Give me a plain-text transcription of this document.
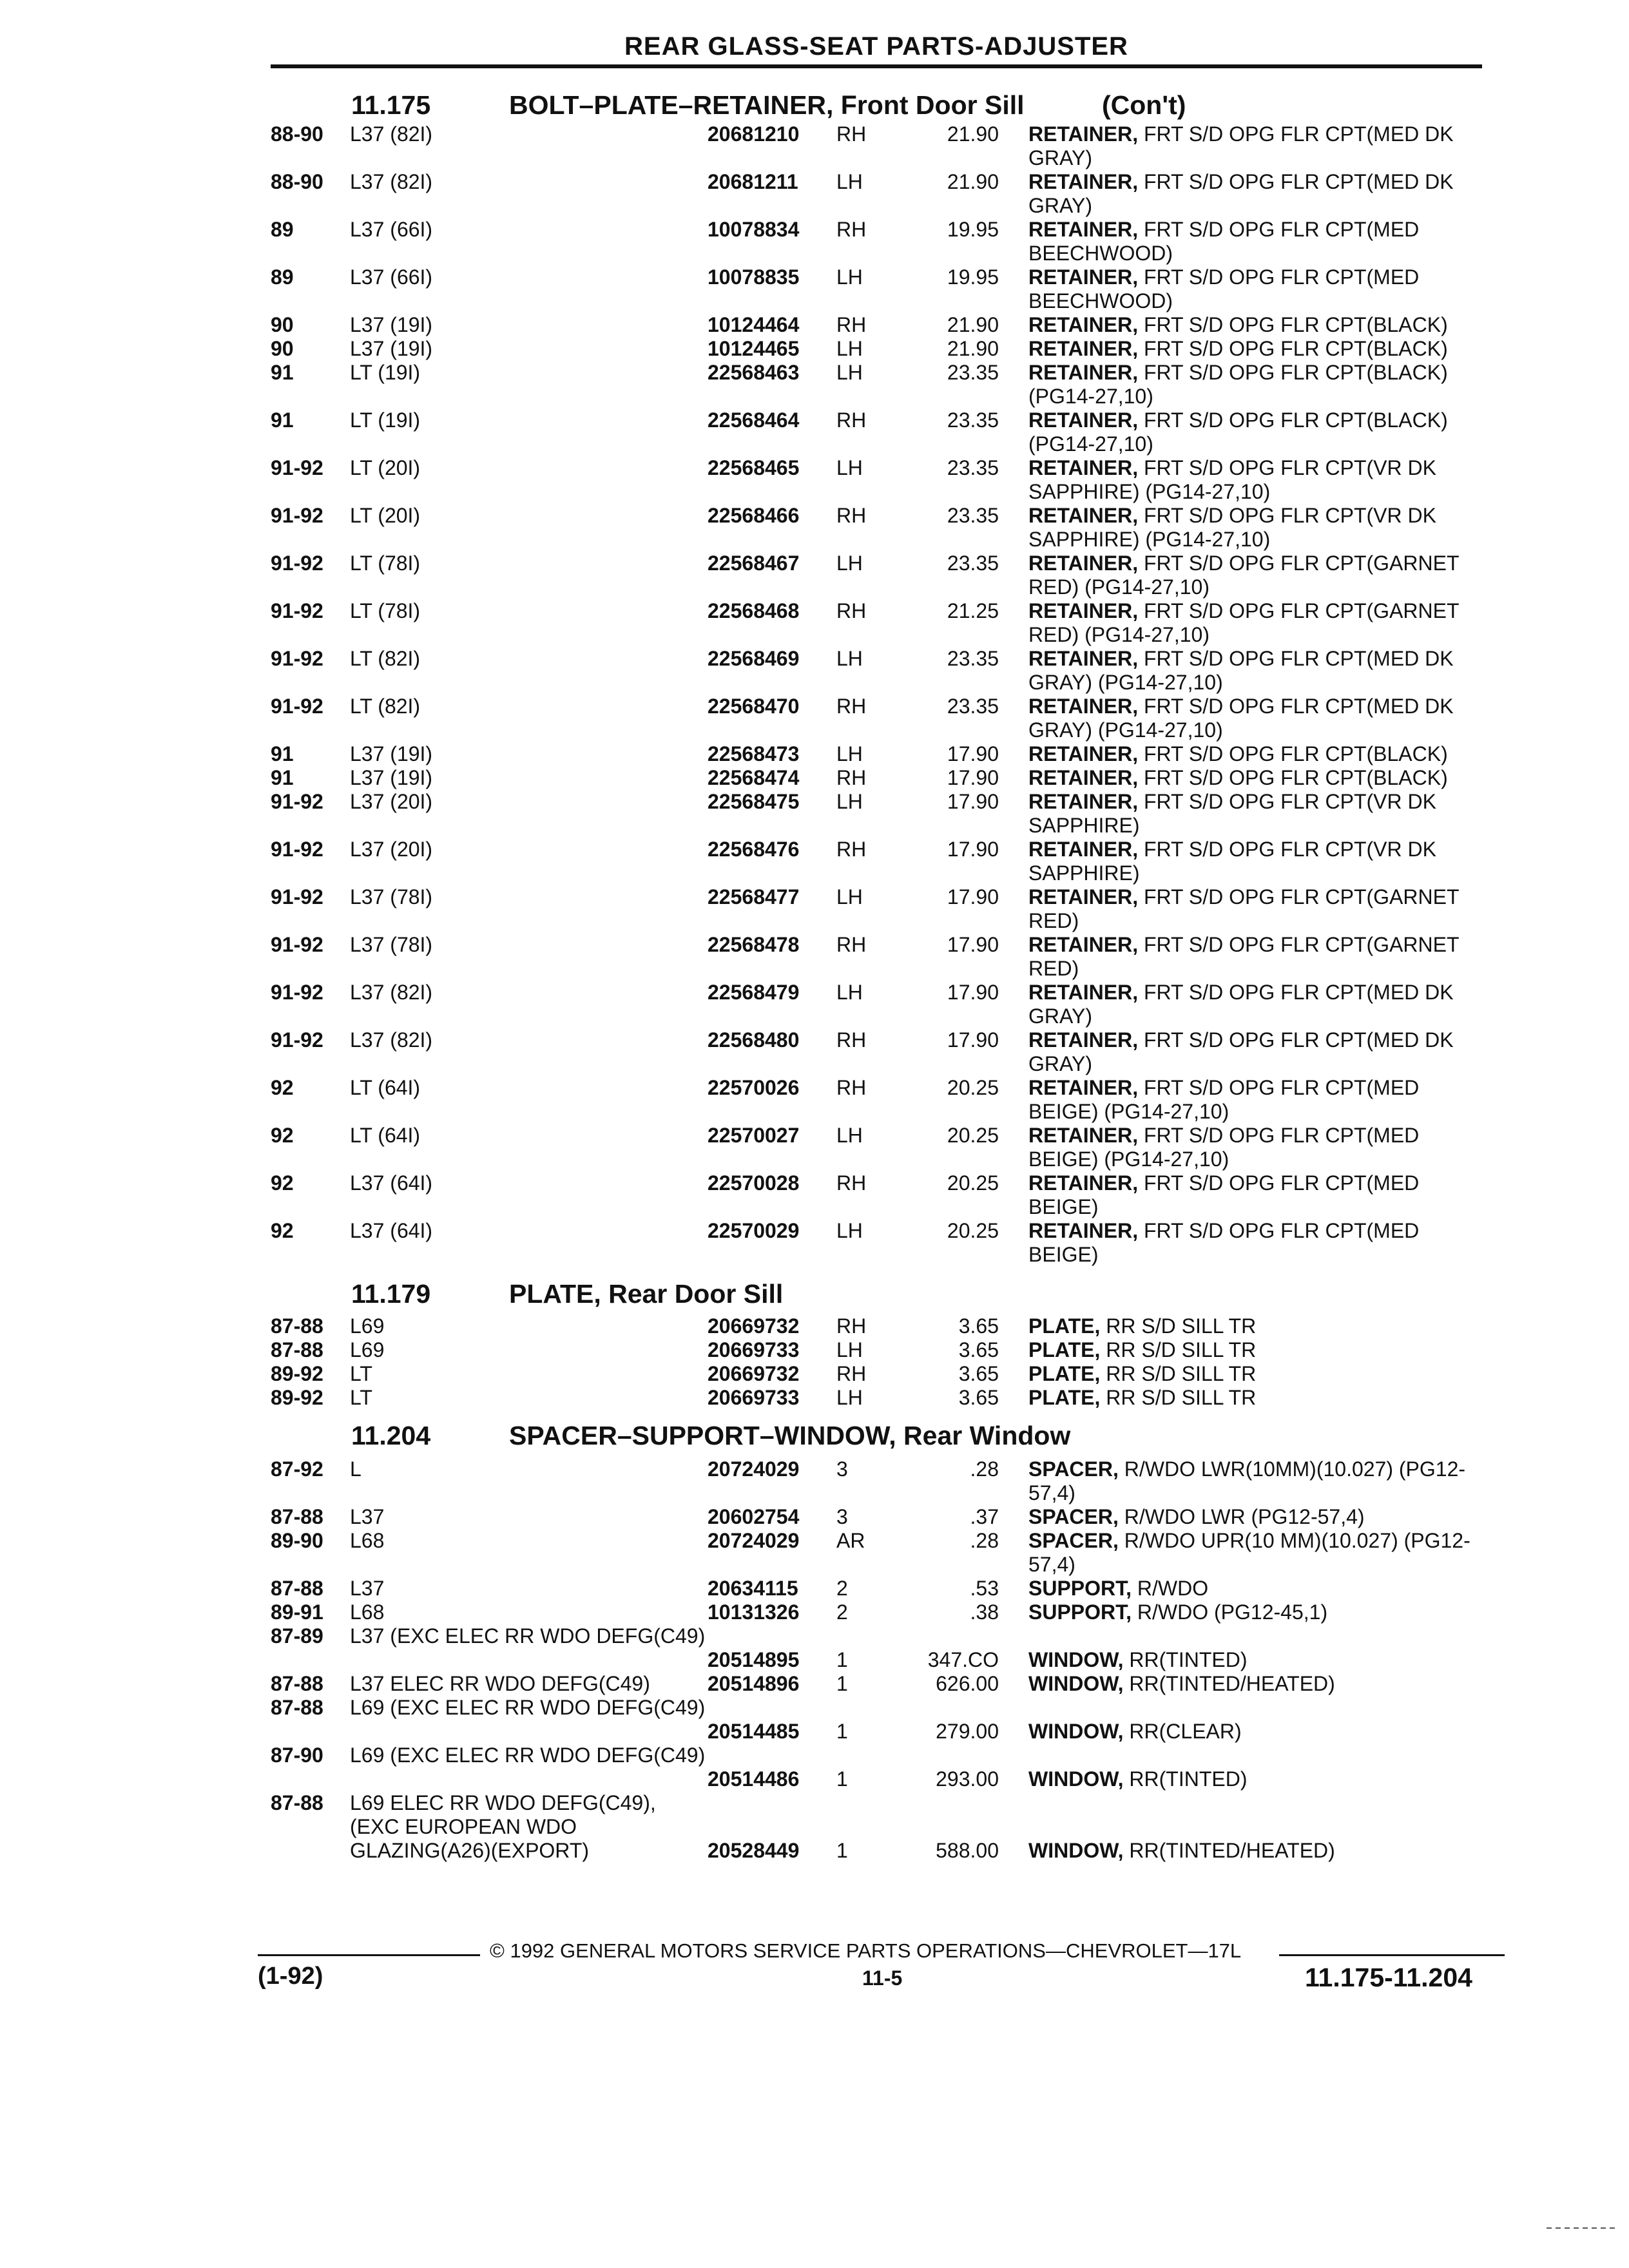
REAR GLASS-SEAT PARTS-ADJUSTER
11.175	BOLT–PLATE–RETAINER, Front Door Sill	(Con't)
88-90 L37 (82I)	20681210 RH	21.90 RETAINER, FRT S/D OPG FLR CPT(MED DK GRAY)
88-90 L37 (82I)	20681211 LH	21.90 RETAINER, FRT S/D OPG FLR CPT(MED DK GRAY)
89	L37 (66I)	10078834 RH	19.95 RETAINER, FRT S/D OPG FLR CPT(MED BEECHWOOD)
89	L37 (66I)	10078835 LH	19.95 RETAINER, FRT S/D OPG FLR CPT(MED BEECHWOOD)
90	L37 (19I)	10124464 RH	21.90 RETAINER, FRT S/D OPG FLR CPT(BLACK)
90	L37 (19I)	10124465 LH	21.90 RETAINER, FRT S/D OPG FLR CPT(BLACK)
91	LT (19I)	22568463 LH	23.35 RETAINER, FRT S/D OPG FLR CPT(BLACK) (PG14-27,10)
91	LT (19I)	22568464 RH	23.35 RETAINER, FRT S/D OPG FLR CPT(BLACK) (PG14-27,10)
91-92 LT (20I)	22568465 LH	23.35 RETAINER, FRT S/D OPG FLR CPT(VR DK SAPPHIRE) (PG14-27,10)
91-92 LT (20I)	22568466 RH	23.35 RETAINER, FRT S/D OPG FLR CPT(VR DK SAPPHIRE) (PG14-27,10)
91-92 LT (78I)	22568467 LH	23.35 RETAINER, FRT S/D OPG FLR CPT(GARNET RED) (PG14-27,10)
91-92 LT (78I)	22568468 RH	21.25 RETAINER, FRT S/D OPG FLR CPT(GARNET RED) (PG14-27,10)
91-92 LT (82I)	22568469 LH	23.35 RETAINER, FRT S/D OPG FLR CPT(MED DK GRAY) (PG14-27,10)
91-92 LT (82I)	22568470 RH	23.35 RETAINER, FRT S/D OPG FLR CPT(MED DK GRAY) (PG14-27,10)
91	L37 (19I)	22568473 LH	17.90 RETAINER, FRT S/D OPG FLR CPT(BLACK)
91	L37 (19I)	22568474 RH	17.90 RETAINER, FRT S/D OPG FLR CPT(BLACK)
91-92 L37 (20I)	22568475 LH	17.90 RETAINER, FRT S/D OPG FLR CPT(VR DK SAPPHIRE)
91-92 L37 (20I)	22568476 RH	17.90 RETAINER, FRT S/D OPG FLR CPT(VR DK SAPPHIRE)
91-92 L37 (78I)	22568477 LH	17.90 RETAINER, FRT S/D OPG FLR CPT(GARNET RED)
91-92 L37 (78I)	22568478 RH	17.90 RETAINER, FRT S/D OPG FLR CPT(GARNET RED)
91-92 L37 (82I)	22568479 LH	17.90 RETAINER, FRT S/D OPG FLR CPT(MED DK GRAY)
91-92 L37 (82I)	22568480 RH	17.90 RETAINER, FRT S/D OPG FLR CPT(MED DK GRAY)
92	LT (64I)	22570026 RH	20.25 RETAINER, FRT S/D OPG FLR CPT(MED BEIGE) (PG14-27,10)
92	LT (64I)	22570027 LH	20.25 RETAINER, FRT S/D OPG FLR CPT(MED BEIGE) (PG14-27,10)
92	L37 (64I)	22570028 RH	20.25 RETAINER, FRT S/D OPG FLR CPT(MED BEIGE)
92	L37 (64I)	22570029 LH	20.25 RETAINER, FRT S/D OPG FLR CPT(MED BEIGE)
11.179	PLATE, Rear Door Sill
87-88 L69	20669732 RH	3.65 PLATE, RR S/D SILL TR
87-88 L69	20669733 LH	3.65 PLATE, RR S/D SILL TR
89-92 LT	20669732 RH	3.65 PLATE, RR S/D SILL TR
89-92 LT	20669733 LH	3.65 PLATE, RR S/D SILL TR
11.204	SPACER–SUPPORT–WINDOW, Rear Window
87-92 L	20724029 3	.28 SPACER, R/WDO LWR(10MM)(10.027) (PG12-57,4)
87-88 L37	20602754 3	.37 SPACER, R/WDO LWR (PG12-57,4)
89-90 L68	20724029 AR	.28 SPACER, R/WDO UPR(10 MM)(10.027) (PG12-57,4)
87-88 L37	20634115 2	.53 SUPPORT, R/WDO
89-91 L68	10131326 2	.38 SUPPORT, R/WDO (PG12-45,1)
87-89 L37 (EXC ELEC RR WDO DEFG(C49)
20514895 1	347.CO WINDOW, RR(TINTED)
87-88 L37 ELEC RR WDO DEFG(C49)	20514896 1	626.00 WINDOW, RR(TINTED/HEATED)
87-88 L69 (EXC ELEC RR WDO DEFG(C49)
20514485 1	279.00 WINDOW, RR(CLEAR)
87-90 L69 (EXC ELEC RR WDO DEFG(C49)
20514486 1	293.00 WINDOW, RR(TINTED)
87-88 L69 ELEC RR WDO DEFG(C49), (EXC EUROPEAN WDO GLAZING(A26)(EXPORT)	20528449 1	588.00 WINDOW, RR(TINTED/HEATED)
© 1992 GENERAL MOTORS SERVICE PARTS OPERATIONS—CHEVROLET—17L
(1-92)	11-5	11.175-11.204
